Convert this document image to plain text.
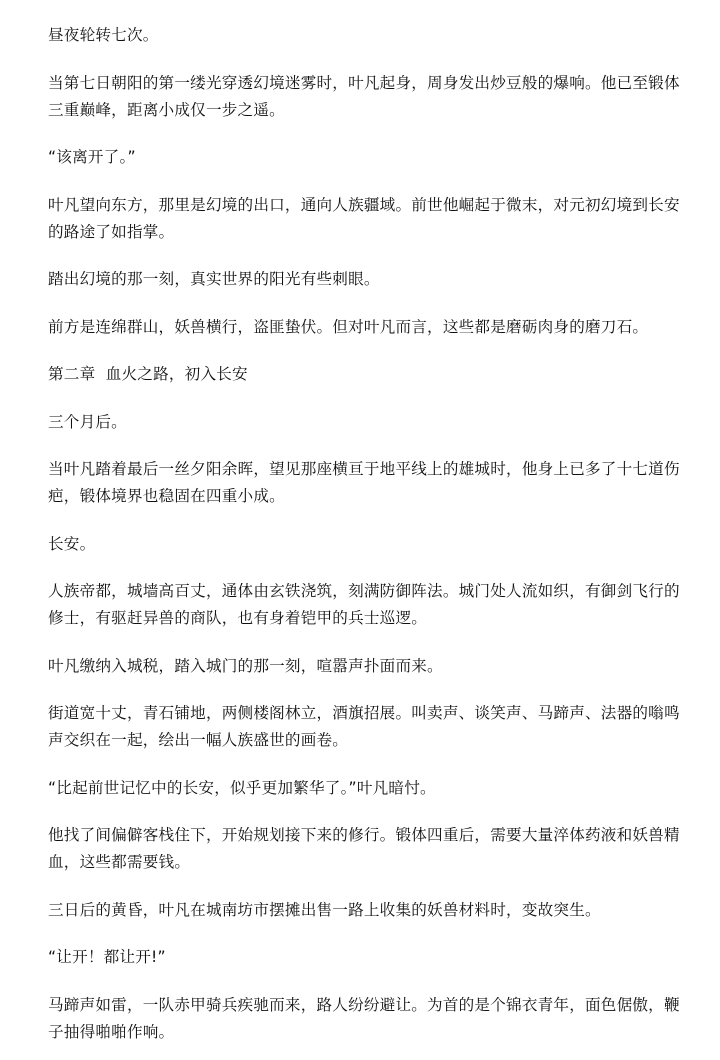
昼夜轮转七次。

当第七日朝阳的第一缕光穿透幻境迷雾时，叶凡起身，周身发出炒豆般的爆响。他已至锻体三重巅峰，距离小成仅一步之遥。

“该离开了。”

叶凡望向东方，那里是幻境的出口，通向人族疆域。前世他崛起于微末，对元初幻境到长安的路途了如指掌。

踏出幻境的那一刻，真实世界的阳光有些刺眼。

前方是连绵群山，妖兽横行，盗匪蛰伏。但对叶凡而言，这些都是磨砺肉身的磨刀石。

第二章  血火之路，初入长安

三个月后。

当叶凡踏着最后一丝夕阳余晖，望见那座横亘于地平线上的雄城时，他身上已多了十七道伤疤，锻体境界也稳固在四重小成。

长安。

人族帝都，城墙高百丈，通体由玄铁浇筑，刻满防御阵法。城门处人流如织，有御剑飞行的修士，有驱赶异兽的商队，也有身着铠甲的兵士巡逻。

叶凡缴纳入城税，踏入城门的那一刻，喧嚣声扑面而来。

街道宽十丈，青石铺地，两侧楼阁林立，酒旗招展。叫卖声、谈笑声、马蹄声、法器的嗡鸣声交织在一起，绘出一幅人族盛世的画卷。

“比起前世记忆中的长安，似乎更加繁华了。”叶凡暗忖。

他找了间偏僻客栈住下，开始规划接下来的修行。锻体四重后，需要大量淬体药液和妖兽精血，这些都需要钱。

三日后的黄昏，叶凡在城南坊市摆摊出售一路上收集的妖兽材料时，变故突生。

“让开！都让开!”

马蹄声如雷，一队赤甲骑兵疾驰而来，路人纷纷避让。为首的是个锦衣青年，面色倨傲，鞭子抽得啪啪作响。
